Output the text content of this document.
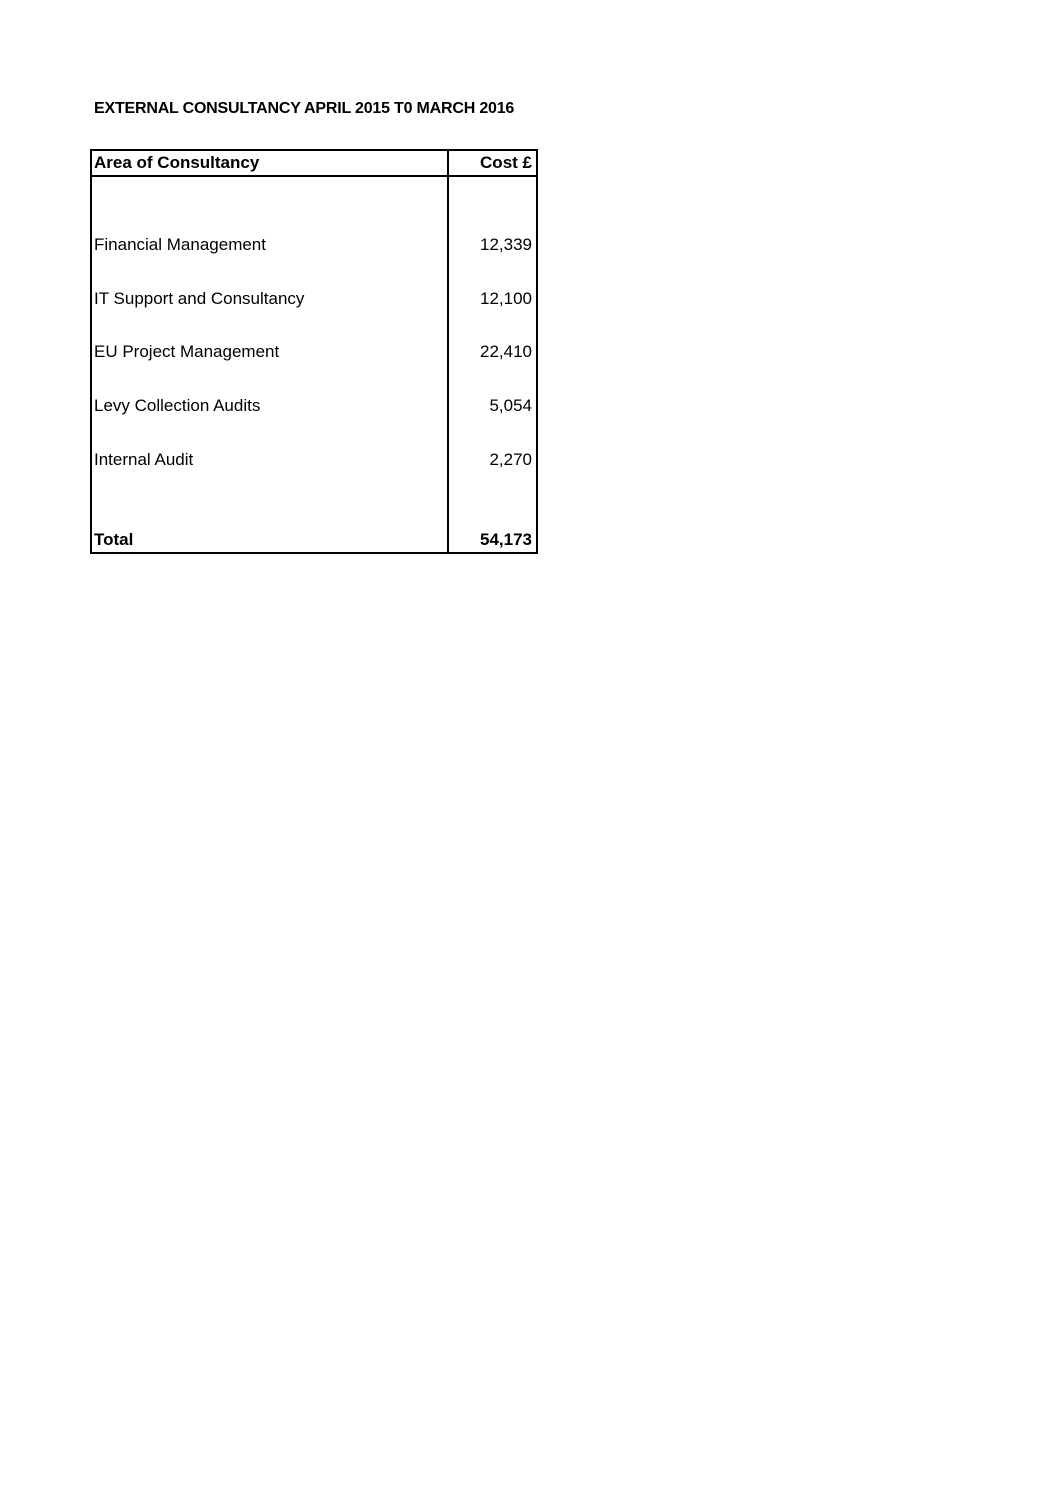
EXTERNAL CONSULTANCY APRIL 2015 T0 MARCH 2016
Area of Consultancy	Cost £
Financial Management	12,339
IT Support and Consultancy	12,100
EU Project Management	22,410
Levy Collection Audits	5,054
Internal Audit	2,270
Total	54,173
